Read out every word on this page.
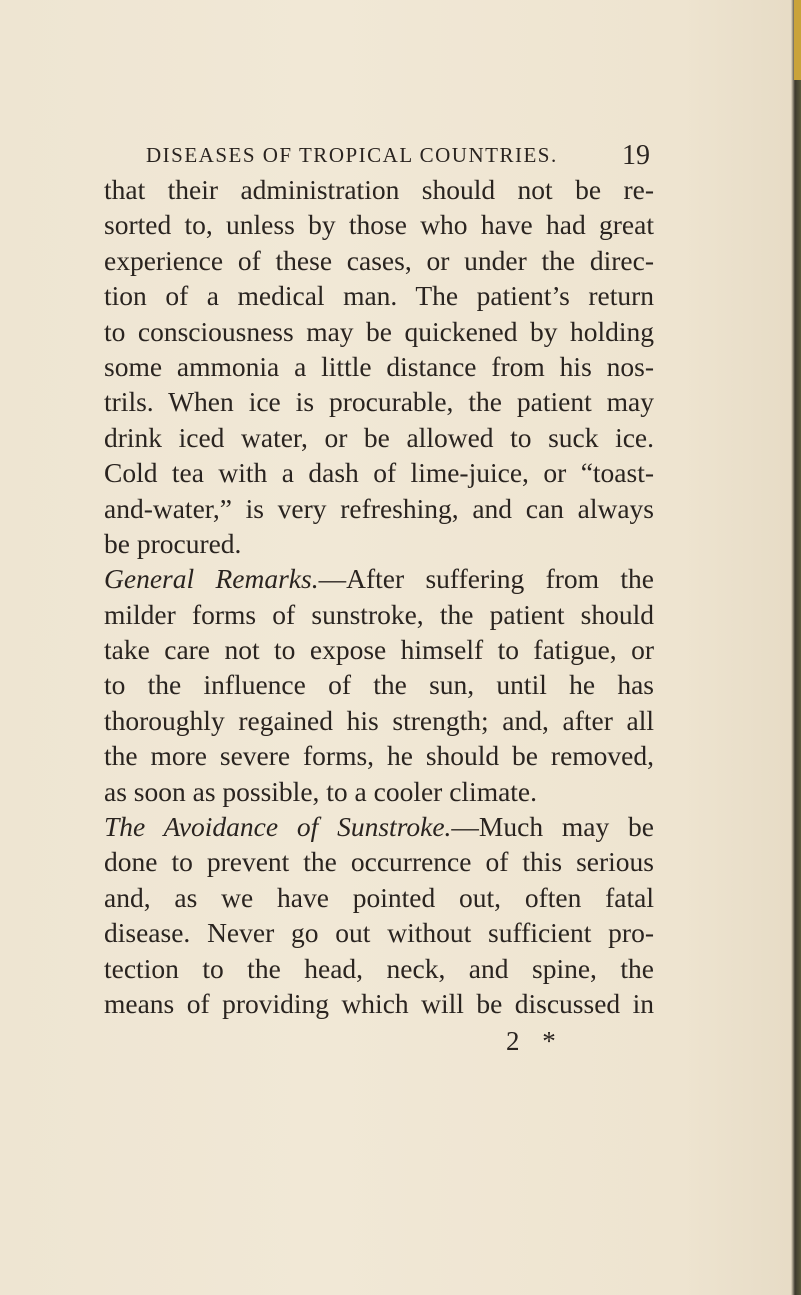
DISEASES OF TROPICAL COUNTRIES. 19
that their administration should not be re-
sorted to, unless by those who have had great
experience of these cases, or under the direc-
tion of a medical man. The patient’s return
to consciousness may be quickened by holding
some ammonia a little distance from his nos-
trils. When ice is procurable, the patient may
drink iced water, or be allowed to suck ice.
Cold tea with a dash of lime-juice, or “toast-
and-water,” is very refreshing, and can always
be procured.
General Remarks.—After suffering from the
milder forms of sunstroke, the patient should
take care not to expose himself to fatigue, or
to the influence of the sun, until he has
thoroughly regained his strength; and, after all
the more severe forms, he should be removed,
as soon as possible, to a cooler climate.
The Avoidance of Sunstroke.—Much may be
done to prevent the occurrence of this serious
and, as we have pointed out, often fatal
disease. Never go out without sufficient pro-
tection to the head, neck, and spine, the
means of providing which will be discussed in
2 *
